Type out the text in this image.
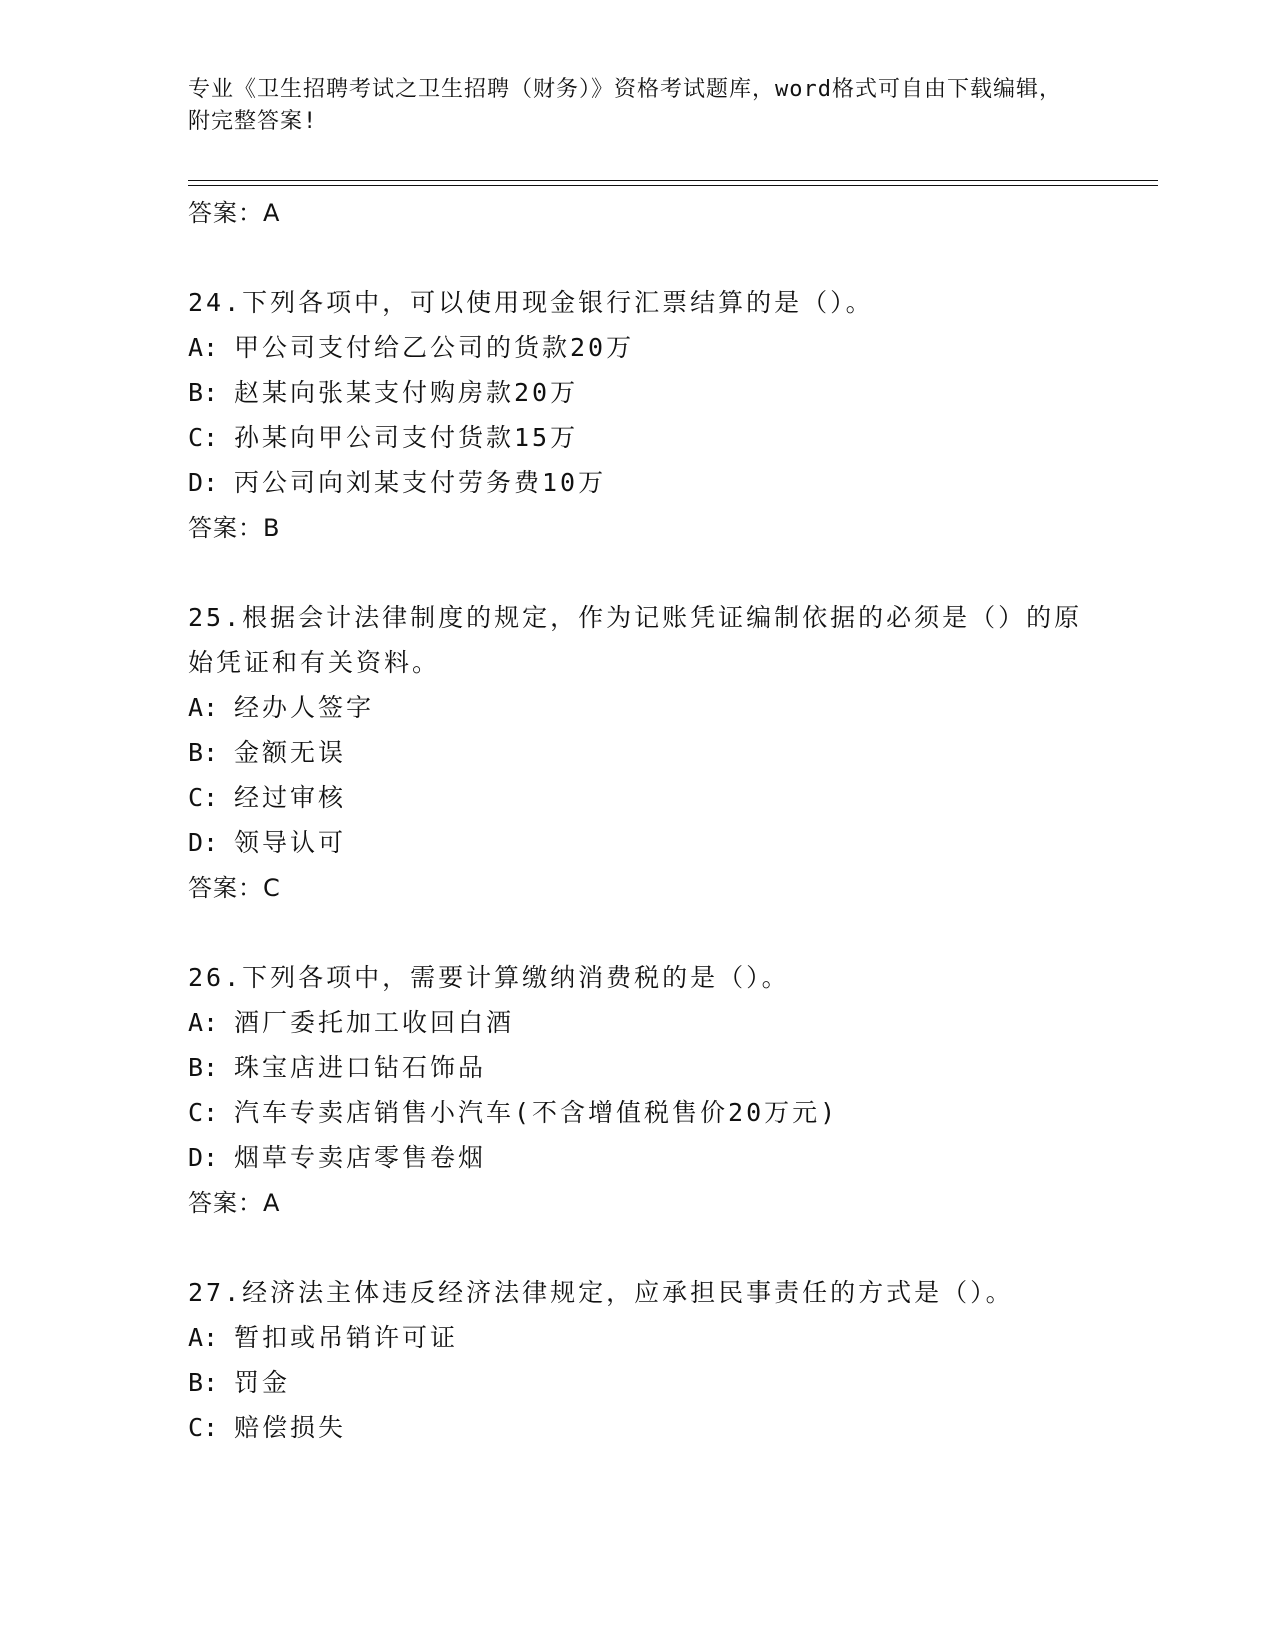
专业《卫生招聘考试之卫生招聘（财务）》资格考试题库，word格式可自由下载编辑，附完整答案!
答案：A
24.下列各项中，可以使用现金银行汇票结算的是（）。
A: 甲公司支付给乙公司的货款20万
B: 赵某向张某支付购房款20万
C: 孙某向甲公司支付货款15万
D: 丙公司向刘某支付劳务费10万
答案：B
25.根据会计法律制度的规定，作为记账凭证编制依据的必须是（）的原始凭证和有关资料。
A: 经办人签字
B: 金额无误
C: 经过审核
D: 领导认可
答案：C
26.下列各项中，需要计算缴纳消费税的是（）。
A: 酒厂委托加工收回白酒
B: 珠宝店进口钻石饰品
C: 汽车专卖店销售小汽车(不含增值税售价20万元)
D: 烟草专卖店零售卷烟
答案：A
27.经济法主体违反经济法律规定，应承担民事责任的方式是（）。
A: 暂扣或吊销许可证
B: 罚金
C: 赔偿损失
